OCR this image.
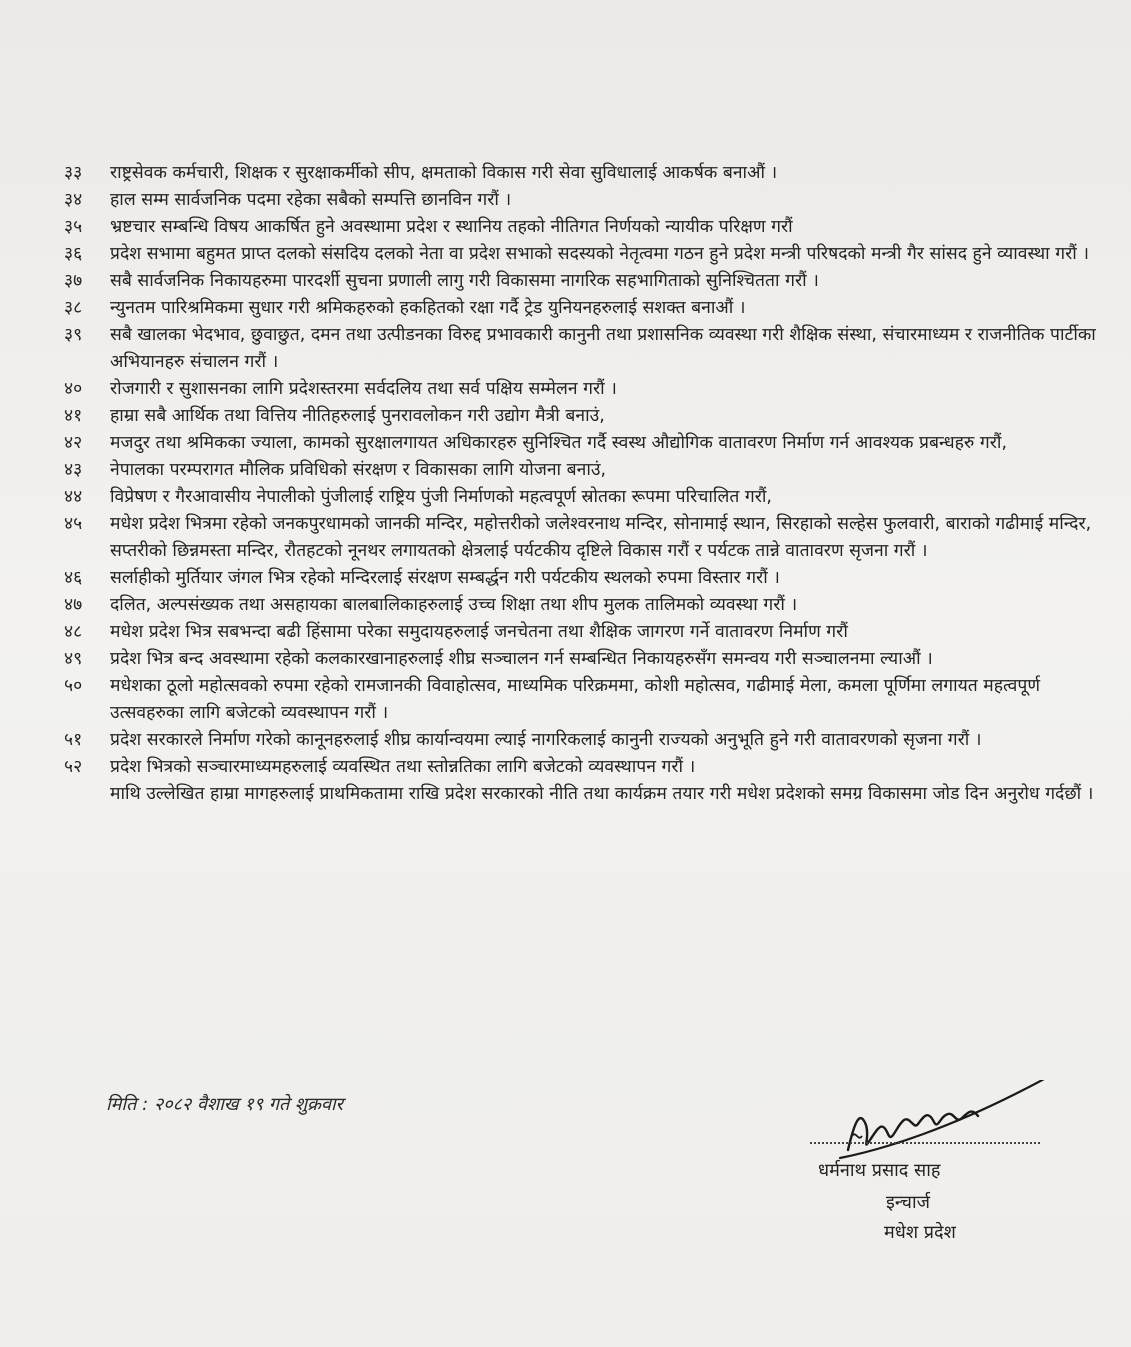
३३	राष्ट्रसेवक कर्मचारी, शिक्षक र सुरक्षाकर्मीको सीप, क्षमताको विकास गरी सेवा सुविधालाई आकर्षक बनाऔं ।
३४	हाल सम्म सार्वजनिक पदमा रहेका सबैको सम्पत्ति छानविन गरौं ।
३५	भ्रष्टचार सम्बन्धि विषय आकर्षित हुने अवस्थामा प्रदेश र स्थानिय तहको नीतिगत निर्णयको न्यायीक परिक्षण गरौं
३६	प्रदेश सभामा बहुमत प्राप्त दलको संसदिय दलको नेता वा प्रदेश सभाको सदस्यको नेतृत्वमा गठन हुने प्रदेश मन्त्री परिषदको मन्त्री गैर सांसद हुने व्यावस्था गरौं ।
३७	सबै सार्वजनिक निकायहरुमा पारदर्शी सुचना प्रणाली लागु गरी विकासमा नागरिक सहभागिताको सुनिश्चितता गरौं ।
३८	न्युनतम पारिश्रमिकमा सुधार गरी श्रमिकहरुको हकहितको रक्षा गर्दै ट्रेड युनियनहरुलाई सशक्त बनाऔं ।
३९	सबै खालका भेदभाव, छुवाछुत, दमन तथा उत्पीडनका विरुद्द प्रभावकारी कानुनी तथा प्रशासनिक व्यवस्था गरी शैक्षिक संस्था, संचारमाध्यम र राजनीतिक पार्टीका अभियानहरु संचालन गरौं ।
४०	रोजगारी र सुशासनका लागि प्रदेशस्तरमा सर्वदलिय तथा सर्व पक्षिय सम्मेलन गरौं ।
४१	हाम्रा सबै आर्थिक तथा वित्तिय नीतिहरुलाई पुनरावलोकन गरी उद्योग मैत्री बनाउं,
४२	मजदुर तथा श्रमिकका ज्याला, कामको सुरक्षालगायत अधिकारहरु सुनिश्चित गर्दै स्वस्थ औद्योगिक वातावरण निर्माण गर्न आवश्यक प्रबन्धहरु गरौं,
४३	नेपालका परम्परागत मौलिक प्रविधिको संरक्षण र विकासका लागि योजना बनाउं,
४४	विप्रेषण र गैरआवासीय नेपालीको पुंजीलाई राष्ट्रिय पुंजी निर्माणको महत्वपूर्ण स्रोतका रूपमा परिचालित गरौं,
४५	मधेश प्रदेश भित्रमा रहेको जनकपुरधामको जानकी मन्दिर, महोत्तरीको जलेश्वरनाथ मन्दिर, सोनामाई स्थान, सिरहाको सल्हेस फुलवारी, बाराको गढीमाई मन्दिर, सप्तरीको छिन्नमस्ता मन्दिर, रौतहटको नूनथर लगायतको क्षेत्रलाई पर्यटकीय दृष्टिले विकास गरौं र पर्यटक तान्ने वातावरण सृजना गरौं ।
४६	सर्लाहीको मुर्तियार जंगल भित्र रहेको मन्दिरलाई संरक्षण सम्बर्द्धन गरी पर्यटकीय स्थलको रुपमा विस्तार गरौं ।
४७	दलित, अल्पसंख्यक तथा असहायका बालबालिकाहरुलाई उच्च शिक्षा तथा शीप मुलक तालिमको व्यवस्था गरौं ।
४८	मधेश प्रदेश भित्र सबभन्दा बढी हिंसामा परेका समुदायहरुलाई जनचेतना तथा शैक्षिक जागरण गर्ने वातावरण निर्माण गरौं
४९	प्रदेश भित्र बन्द अवस्थामा रहेको कलकारखानाहरुलाई शीघ्र सञ्चालन गर्न सम्बन्धित निकायहरुसँग समन्वय गरी सञ्चालनमा ल्याऔं ।
५०	मधेशका ठूलो महोत्सवको रुपमा रहेको रामजानकी विवाहोत्सव, माध्यमिक परिक्रममा, कोशी महोत्सव, गढीमाई मेला, कमला पूर्णिमा लगायत महत्वपूर्ण उत्सवहरुका लागि बजेटको व्यवस्थापन गरौं ।
५१	प्रदेश सरकारले निर्माण गरेको कानूनहरुलाई शीघ्र कार्यान्वयमा ल्याई नागरिकलाई कानुनी राज्यको अनुभूति हुने गरी वातावरणको सृजना गरौं ।
५२	प्रदेश भित्रको सञ्चारमाध्यमहरुलाई व्यवस्थित तथा स्तोन्नतिका लागि बजेटको व्यवस्थापन गरौं ।
माथि उल्लेखित हाम्रा मागहरुलाई प्राथमिकतामा राखि प्रदेश सरकारको नीति तथा कार्यक्रम तयार गरी मधेश प्रदेशको समग्र विकासमा जोड दिन अनुरोध गर्दछौं ।
मिति : २०८२ वैशाख १९ गते शुक्रवार
धर्मनाथ प्रसाद साह
इन्चार्ज
मधेश प्रदेश
